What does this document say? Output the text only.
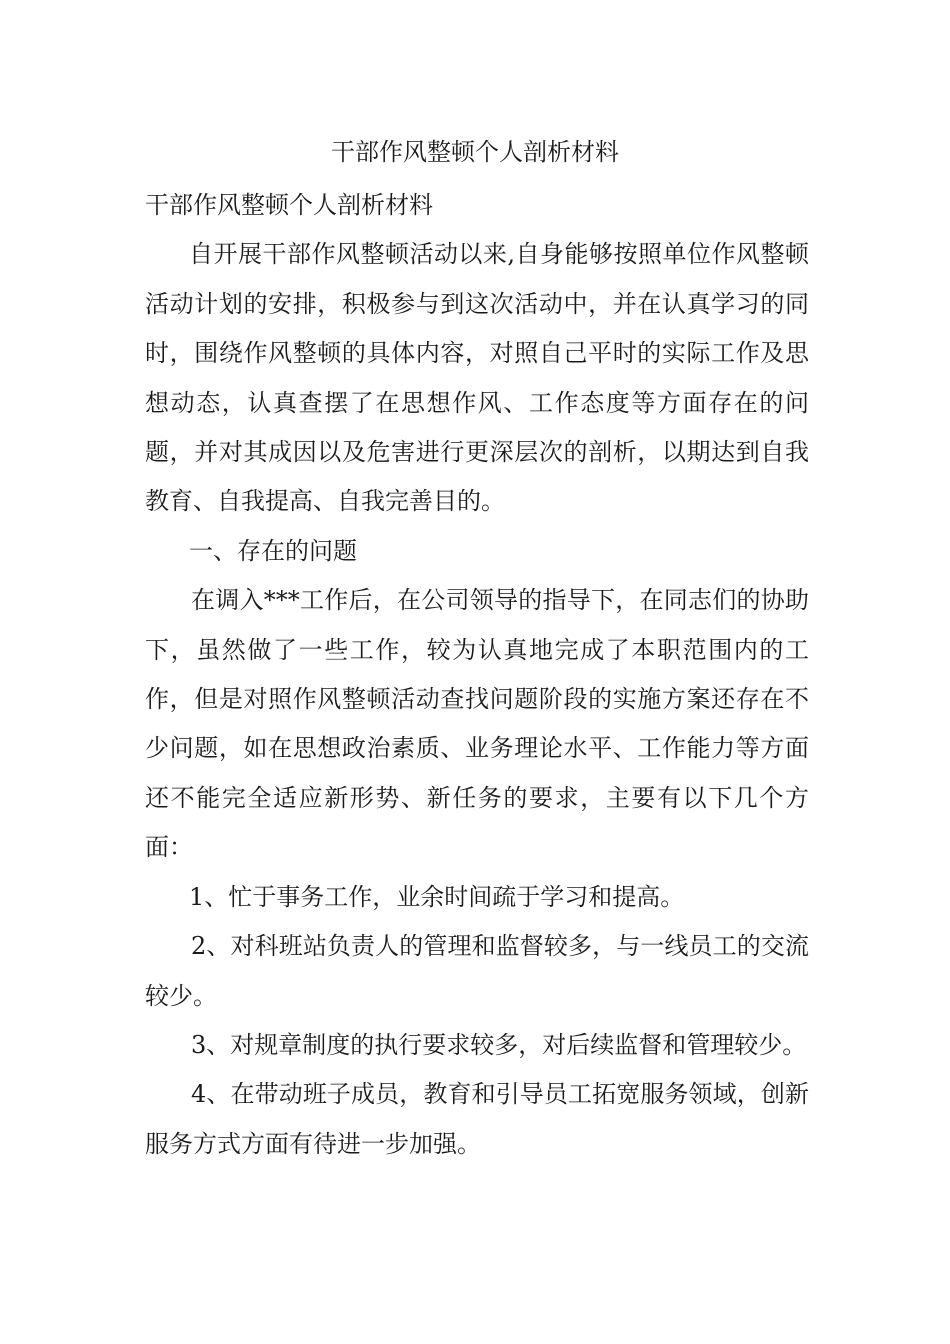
干部作风整顿个人剖析材料

干部作风整顿个人剖析材料

自开展干部作风整顿活动以来,自身能够按照单位作风整顿活动计划的安排，积极参与到这次活动中，并在认真学习的同时，围绕作风整顿的具体内容，对照自己平时的实际工作及思想动态，认真查摆了在思想作风、工作态度等方面存在的问题，并对其成因以及危害进行更深层次的剖析，以期达到自我教育、自我提高、自我完善目的。

一、存在的问题

在调入***工作后，在公司领导的指导下，在同志们的协助下，虽然做了一些工作，较为认真地完成了本职范围内的工作，但是对照作风整顿活动查找问题阶段的实施方案还存在不少问题，如在思想政治素质、业务理论水平、工作能力等方面还不能完全适应新形势、新任务的要求，主要有以下几个方面：

1、忙于事务工作，业余时间疏于学习和提高。

2、对科班站负责人的管理和监督较多，与一线员工的交流较少。

3、对规章制度的执行要求较多，对后续监督和管理较少。

4、在带动班子成员，教育和引导员工拓宽服务领域，创新服务方式方面有待进一步加强。
